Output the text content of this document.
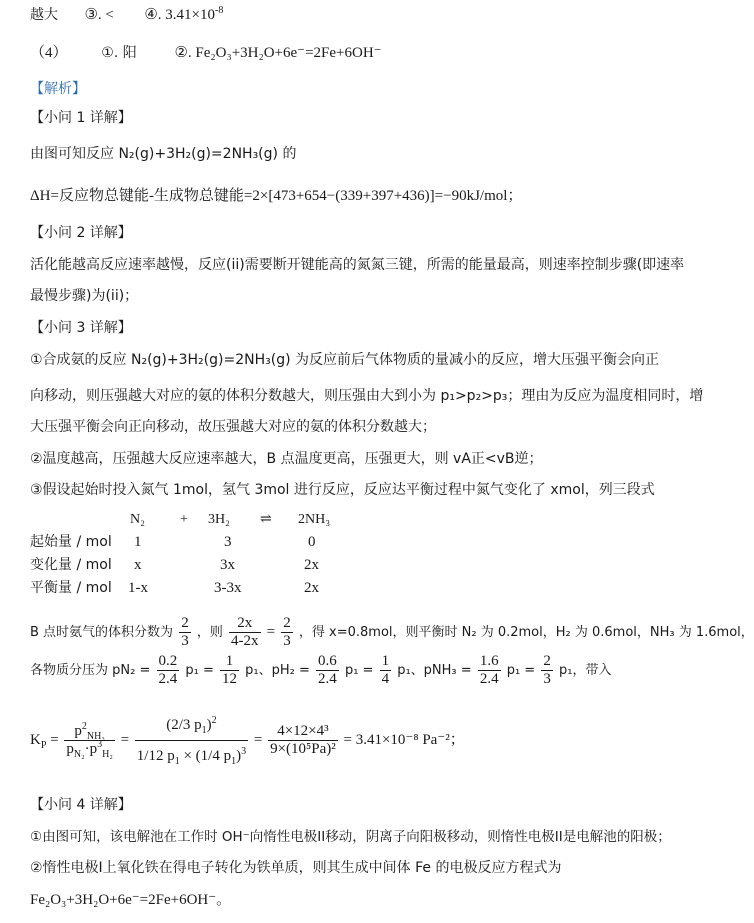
越大 ③. < ④. $3.41\times 10^{-8}$
（4） ①. 阳	②. Fe₂O₃+3H₂O+6e⁻=2Fe+6OH⁻
【解析】
【小问 1 详解】
由图可知反应 N₂(g)+3H₂(g)=2NH₃(g) 的
ΔH=反应物总键能-生成物总键能=2×[473+654−(339+397+436)]=−90kJ/mol；
【小问 2 详解】
活化能越高反应速率越慢，反应(ii)需要断开键能高的氮氮三键，所需的能量最高，则速率控制步骤(即速率
最慢步骤)为(ii)；
【小问 3 详解】
①合成氨的反应 N₂(g)+3H₂(g)=2NH₃(g) 为反应前后气体物质的量减小的反应，增大压强平衡会向正
向移动，则压强越大对应的氨的体积分数越大，则压强由大到小为 p₁>p₂>p₃；理由为反应为温度相同时，增
大压强平衡会向正向移动，故压强越大对应的氨的体积分数越大；
②温度越高，压强越大反应速率越大，B 点温度更高，压强更大，则 vA正<vB逆；
③假设起始时投入氮气 1mol，氢气 3mol 进行反应，反应达平衡过程中氮气变化了 xmol，列三段式
N₂	+ 3H₂ ⇌ 2NH₃
起始量 / mol 1	3	0
变化量 / mol x	3x	2x
平衡量 / mol 1-x	3-3x	2x
B 点时氨气的体积分数为 $\frac{2}{3}$ ，则 $\frac{2x}{4-2x} = \frac{2}{3}$ ，得 x=0.8mol，则平衡时 N₂ 为 0.2mol，H₂ 为 0.6mol，NH₃ 为 1.6mol，
各物质分压为 $pN_2 = \frac{0.2}{2.4} p_1 = \frac{1}{12} p_1$、$pH_2 = \frac{0.6}{2.4} p_1 = \frac{1}{4} p_1$、$pNH_3 = \frac{1.6}{2.4} p_1 = \frac{2}{3} p_1$，带入
$K_P = \frac{p^2_{NH_3}}{p_{N_2}\cdot p^3_{H_2}} = \frac{(2/3 p_1)^2}{1/12 p_1 \times (1/4 p_1)^3} = \frac{\text{4×12×4³}}{\text{9×(10⁵Pa)²}} = 3.41\times 10^{-8}$ Pa⁻²；
【小问 4 详解】
①由图可知，该电解池在工作时 OH⁻向惰性电极II移动，阴离子向阳极移动，则惰性电极II是电解池的阳极；
②惰性电极I上氧化铁在得电子转化为铁单质，则其生成中间体 Fe 的电极反应方程式为
Fe₂O₃+3H₂O+6e⁻=2Fe+6OH⁻。
